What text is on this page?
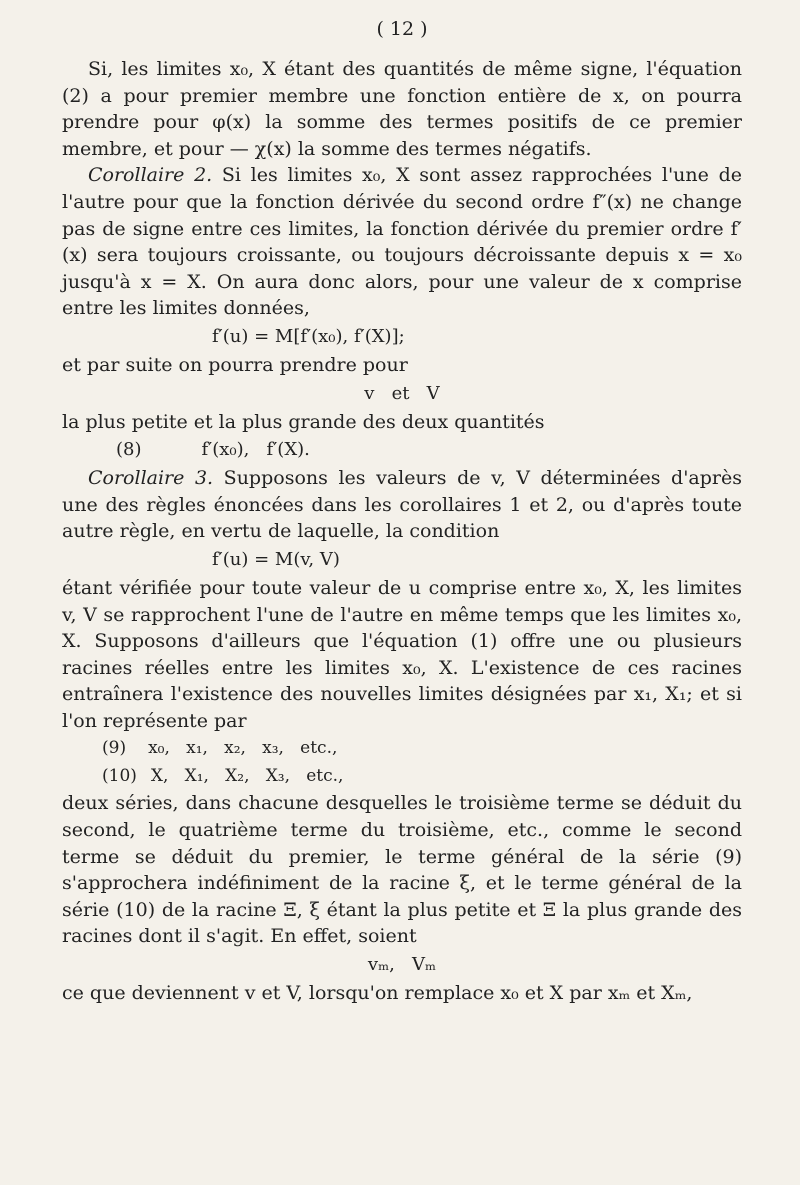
( 12 )

Si, les limites x₀, X étant des quantités de même signe, l'équation (2) a pour premier membre une fonction entière de x, on pourra prendre pour φ(x) la somme des termes positifs de ce premier membre, et pour — χ(x) la somme des termes négatifs.

Corollaire 2. Si les limites x₀, X sont assez rapprochées l'une de l'autre pour que la fonction dérivée du second ordre f″(x) ne change pas de signe entre ces limites, la fonction dérivée du premier ordre f′(x) sera toujours croissante, ou toujours décroissante depuis x = x₀ jusqu'à x = X. On aura donc alors, pour une valeur de x comprise entre les limites données,

f′(u) = M[f′(x₀), f′(X)];

et par suite on pourra prendre pour

v   et   V

la plus petite et la plus grande des deux quantités

(8)	f′(x₀),   f′(X).

Corollaire 3. Supposons les valeurs de v, V déterminées d'après une des règles énoncées dans les corollaires 1 et 2, ou d'après toute autre règle, en vertu de laquelle, la condition

f′(u) = M(v, V)

étant vérifiée pour toute valeur de u comprise entre x₀, X, les limites v, V se rapprochent l'une de l'autre en même temps que les limites x₀, X. Supposons d'ailleurs que l'équation (1) offre une ou plusieurs racines réelles entre les limites x₀, X. L'existence de ces racines entraînera l'existence des nouvelles limites désignées par x₁, X₁; et si l'on représente par

(9) x₀,   x₁,   x₂,   x₃,   etc.,

(10) X,   X₁,   X₂,   X₃,   etc.,

deux séries, dans chacune desquelles le troisième terme se déduit du second, le quatrième terme du troisième, etc., comme le second terme se déduit du premier, le terme général de la série (9) s'approchera indéfiniment de la racine ξ, et le terme général de la série (10) de la racine Ξ, ξ étant la plus petite et Ξ la plus grande des racines dont il s'agit. En effet, soient

vₘ,   Vₘ

ce que deviennent v et V, lorsqu'on remplace x₀ et X par xₘ et Xₘ,
